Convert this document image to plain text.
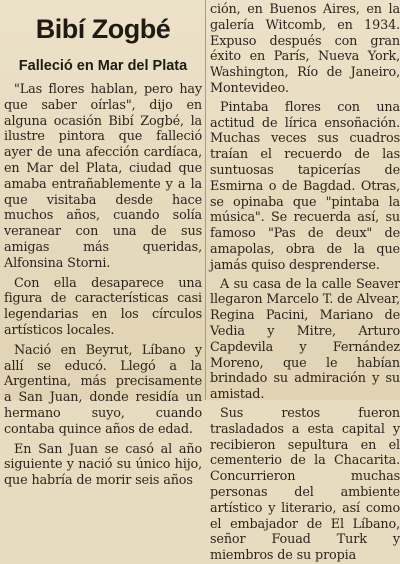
Bibí Zogbé
Falleció en Mar del Plata

"Las flores hablan, pero hay que saber oírlas", dijo en alguna ocasión Bibí Zogbé, la ilustre pintora que falleció ayer de una afección cardíaca, en Mar del Plata, ciudad que amaba entrañablemente y a la que visitaba desde hace muchos años, cuando solía veranear con una de sus amigas más queridas, Alfonsina Storni.

Con ella desaparece una figura de características casi legendarias en los círculos artísticos locales.

Nació en Beyrut, Líbano y allí se educó. Llegó a la Argentina, más precisamente a San Juan, donde residía un hermano suyo, cuando contaba quince años de edad.

En San Juan se casó al año siguiente y nació su único hijo, que habría de morir seis años

ción, en Buenos Aires, en la galería Witcomb, en 1934. Expuso después con gran éxito en París, Nueva York, Washington, Río de Janeiro, Montevideo.

Pintaba flores con una actitud de lírica ensoñación. Muchas veces sus cuadros traían el recuerdo de las suntuosas tapicerías de Esmirna o de Bagdad. Otras, se opinaba que "pintaba la música". Se recuerda así, su famoso "Pas de deux" de amapolas, obra de la que jamás quiso desprenderse.

A su casa de la calle Seaver llegaron Marcelo T. de Alvear, Regina Pacini, Mariano de Vedia y Mitre, Arturo Capdevila y Fernández Moreno, que le habían brindado su admiración y su amistad.

Sus restos fueron trasladados a esta capital y recibieron sepultura en el cementerio de la Chacarita. Concurrieron muchas personas del ambiente artístico y literario, así como el embajador de El Líbano, señor Fouad Turk y miembros de su propia
